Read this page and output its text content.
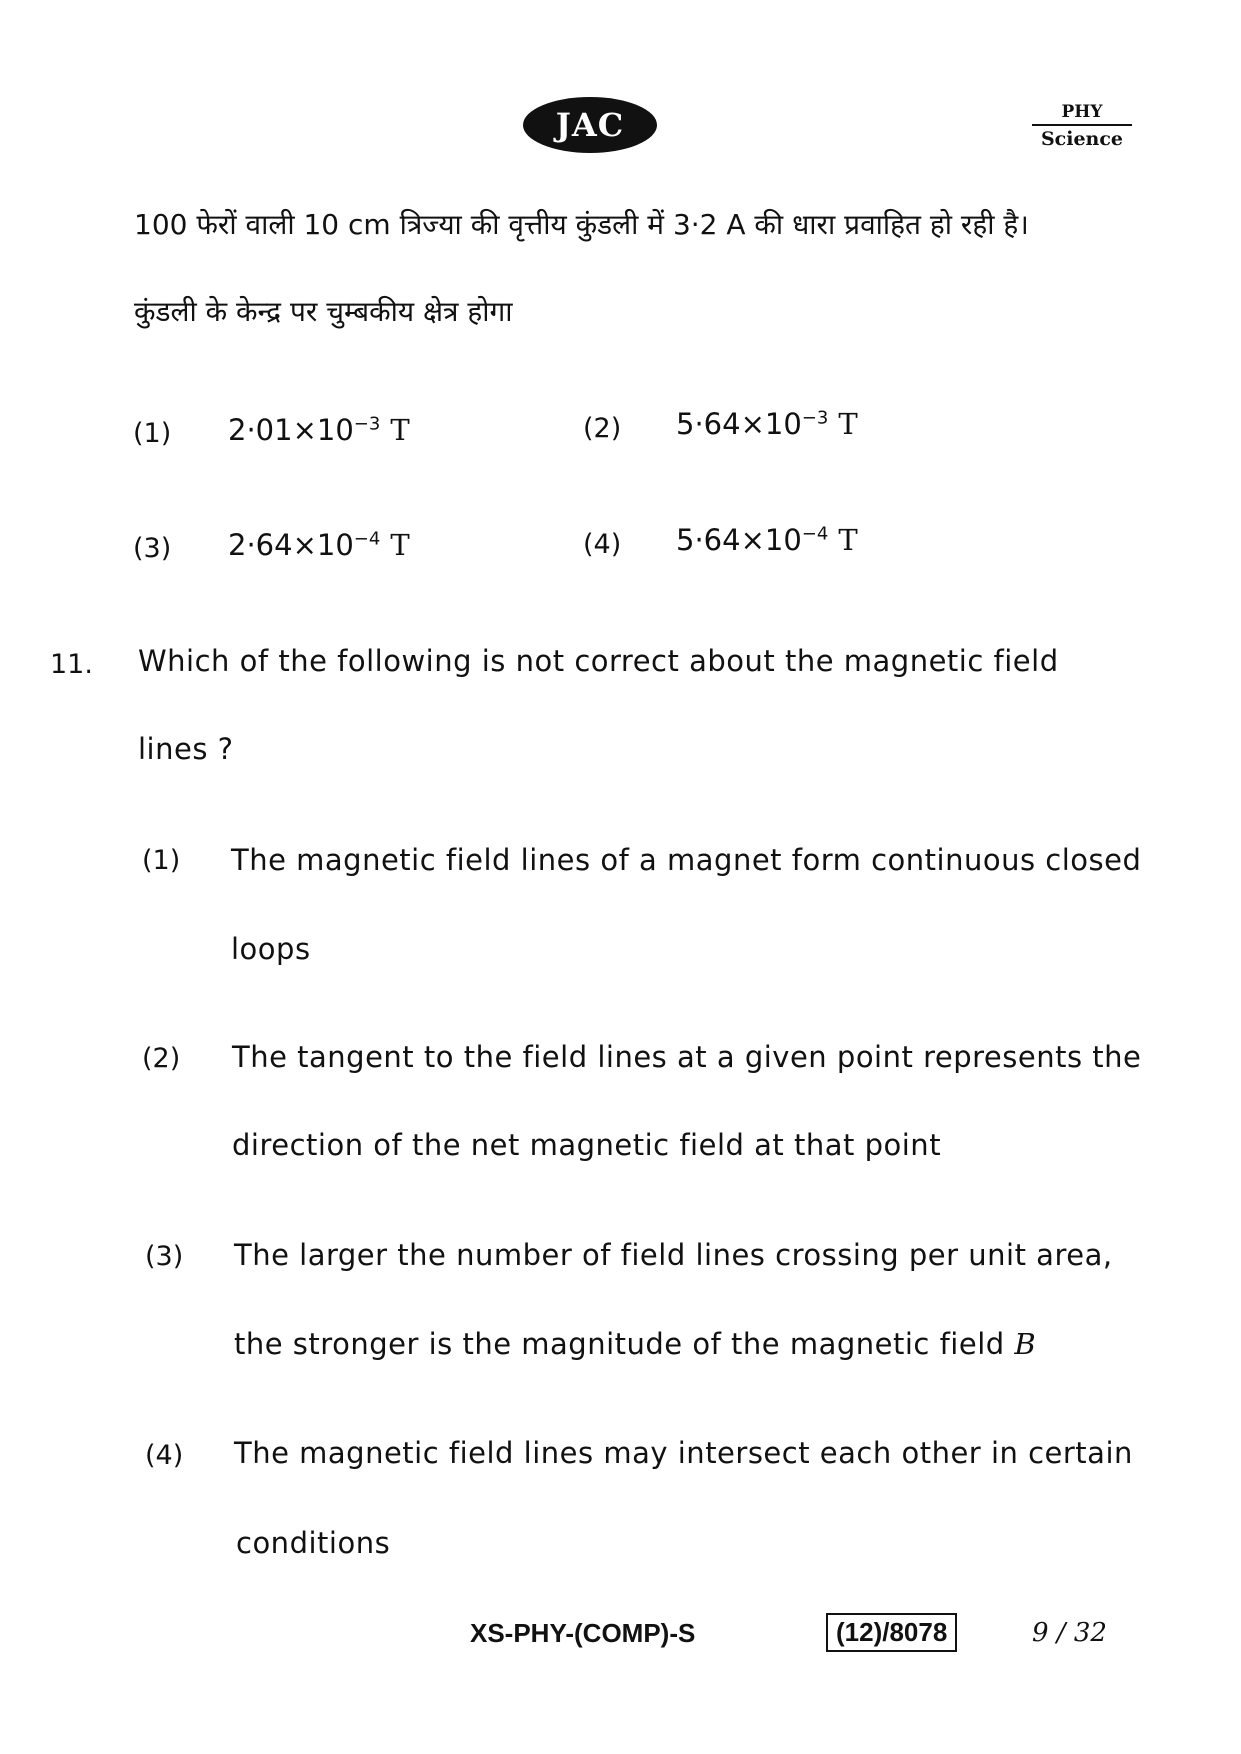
JAC	PHY
Science
100 फेरों वाली 10 cm त्रिज्या की वृत्तीय कुंडली में 3·2 A की धारा प्रवाहित हो रही है।
कुंडली के केन्द्र पर चुम्बकीय क्षेत्र होगा
(1) $2\cdot 01\times 10^{-3}$ T	(2) $5\cdot 64\times 10^{-3}$ T
(3) $2\cdot 64\times 10^{-4}$ T	(4) $5\cdot 64\times 10^{-4}$ T
11. Which of the following is not correct about the magnetic field
lines ?
(1) The magnetic field lines of a magnet form continuous closed
loops
(2) The tangent to the field lines at a given point represents the
direction of the net magnetic field at that point
(3) The larger the number of field lines crossing per unit area,
the stronger is the magnitude of the magnetic field B
(4) The magnetic field lines may intersect each other in certain
conditions
XS-PHY-(COMP)-S	(12)/8078	9 / 32
